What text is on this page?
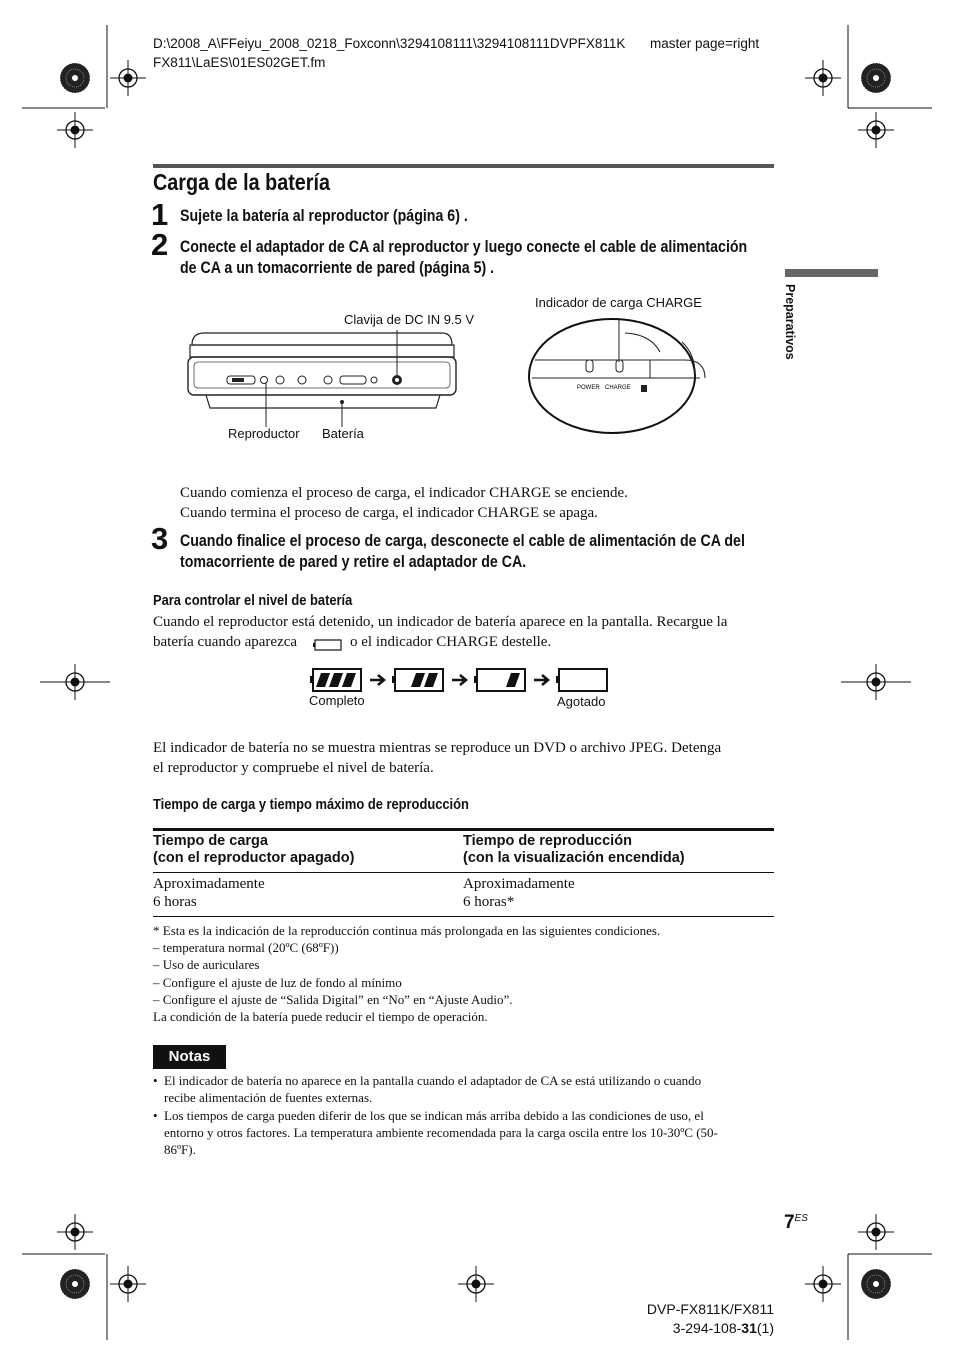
D:\2008_A\FFeiyu_2008_0218_Foxconn\3294108111\3294108111DVPFX811K
FX811\LaES\01ES02GET.fm
master page=right
Preparativos
Carga de la batería
1 Sujete la batería al reproductor (página 6) .
2 Conecte el adaptador de CA al reproductor y luego conecte el cable de alimentación
de CA a un tomacorriente de pared (página 5) .
POWER CHARGE
Clavija de DC IN 9.5 V
Indicador de carga CHARGE
Reproductor Batería
Cuando comienza el proceso de carga, el indicador CHARGE se enciende.
Cuando termina el proceso de carga, el indicador CHARGE se apaga.
3 Cuando finalice el proceso de carga, desconecte el cable de alimentación de CA del
tomacorriente de pared y retire el adaptador de CA.
Para controlar el nivel de batería
Cuando el reproductor está detenido, un indicador de batería aparece en la pantalla. Recargue la
batería cuando aparezca	o el indicador CHARGE destelle.
Completo	Agotado
El indicador de batería no se muestra mientras se reproduce un DVD o archivo JPEG. Detenga
el reproductor y compruebe el nivel de batería.
Tiempo de carga y tiempo máximo de reproducción
Tiempo de carga
(con el reproductor apagado)
Tiempo de reproducción
(con la visualización encendida)
Aproximadamente
6 horas
Aproximadamente
6 horas*
* Esta es la indicación de la reproducción continua más prolongada en las siguientes condiciones.
– temperatura normal (20ºC (68ºF))
– Uso de auriculares
– Configure el ajuste de luz de fondo al mínimo
– Configure el ajuste de “Salida Digital” en “No” en “Ajuste Audio”.
La condición de la batería puede reducir el tiempo de operación.
Notas
• El indicador de batería no aparece en la pantalla cuando el adaptador de CA se está utilizando o cuando
recibe alimentación de fuentes externas.
• Los tiempos de carga pueden diferir de los que se indican más arriba debido a las condiciones de uso, el
entorno y otros factores. La temperatura ambiente recomendada para la carga oscila entre los 10-30ºC (50-
86ºF).
$7^{ES}$
DVP-FX811K/FX811
3-294-108-31(1)
